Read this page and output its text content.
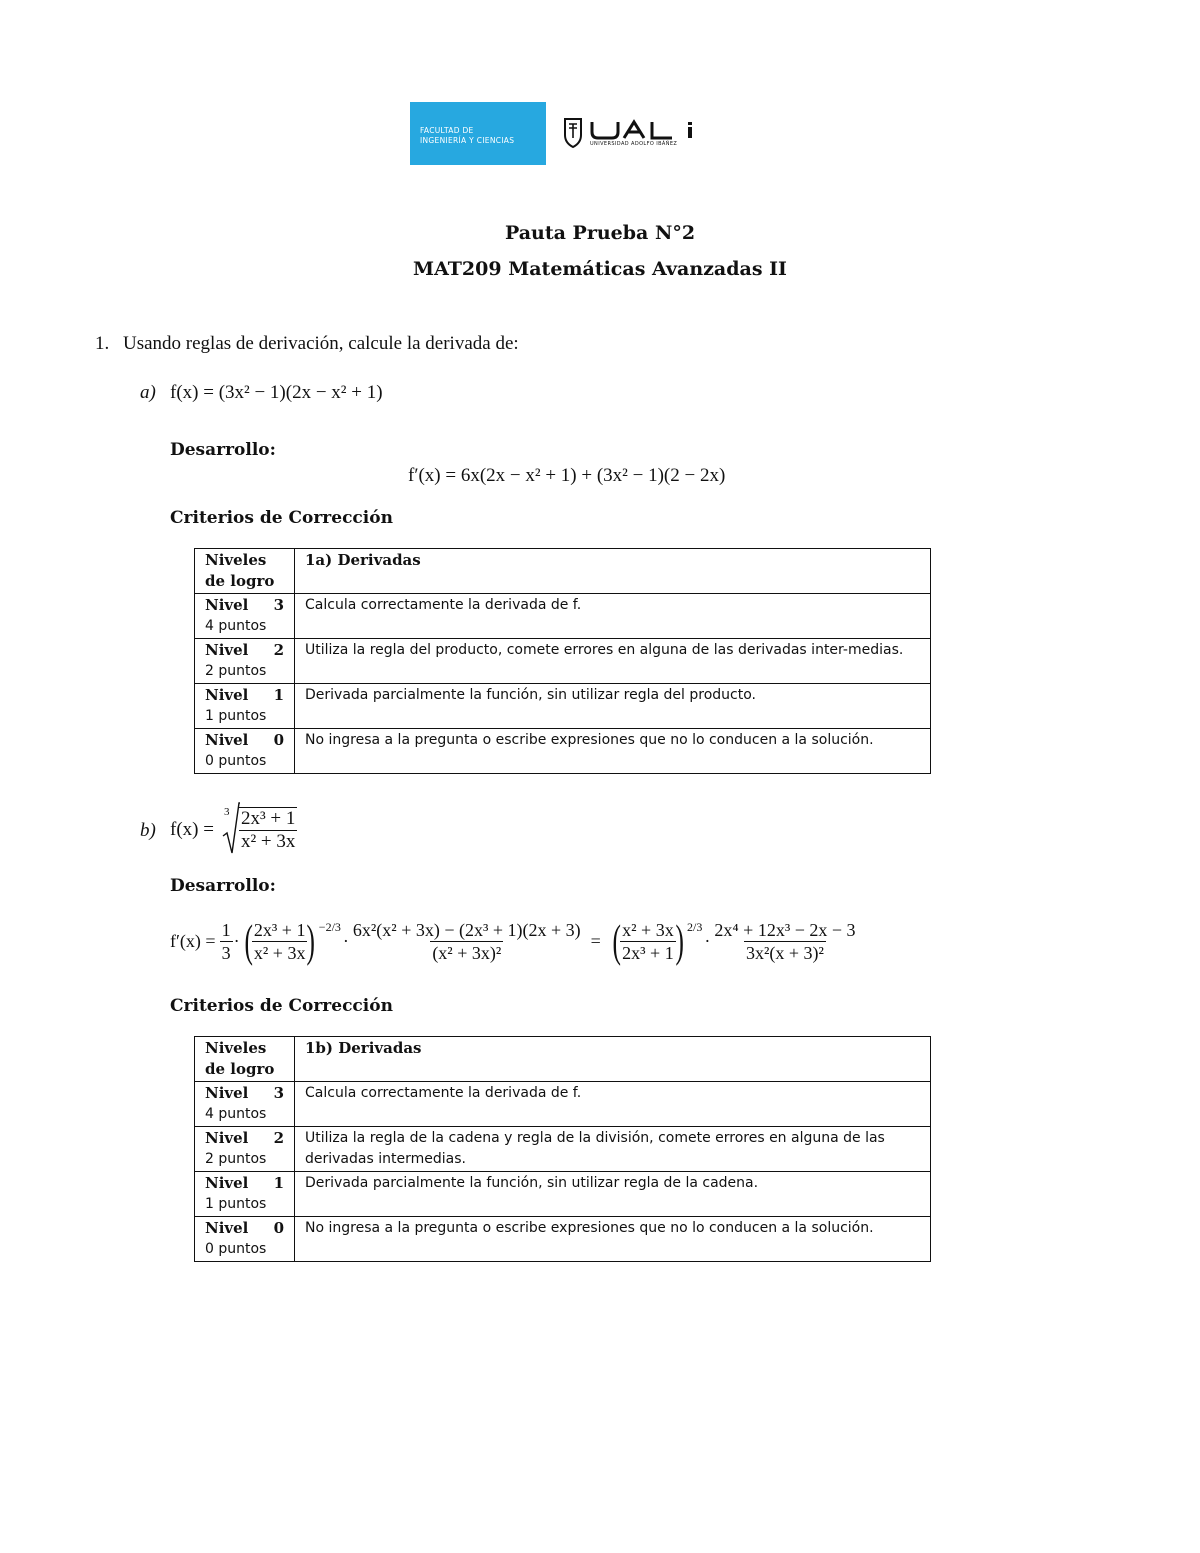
FACULTAD DE
INGENIERÍA Y CIENCIAS	UNIVERSIDAD ADOLFO IBÁÑEZ
Pauta Prueba N°2
MAT209 Matemáticas Avanzadas II
1. Usando reglas de derivación, calcule la derivada de:
a) f(x) = (3x² − 1)(2x − x² + 1)
Desarrollo:
f′(x) = 6x(2x − x² + 1) + (3x² − 1)(2 − 2x)
Criterios de Corrección
Niveles
de logro	1a) Derivadas

Nivel 3
4 puntos	Calcula correctamente la derivada de f.

Nivel 2
2 puntos	Utiliza la regla del producto, comete errores en alguna de las derivadas inter-medias.

Nivel 1
1 puntos	Derivada parcialmente la función, sin utilizar regla del producto.

Nivel 0
0 puntos	No ingresa a la pregunta o escribe expresiones que no lo conducen a la solución.
b) f(x) =
$3 \frac{\text{2x³ + 1}}{\text{x² + 3x}}$
Desarrollo:
$f'(x) = \frac{1}{3}$ · ( $\frac{\text{2x³ + 1}}{\text{x² + 3x}}$ ) −2/3
· $\frac{\text{6x²(x² + 3x) − (2x³ + 1)(2x + 3)}}{\text{(x² + 3x)²}}$ = ( $\frac{\text{x² + 3x}}{\text{2x³ + 1}}$ ) 2/3
· $\frac{\text{2x⁴ + 12x³ − 2x − 3}}{\text{3x²(x + 3)²}}$
Criterios de Corrección
Niveles
de logro	1b) Derivadas

Nivel 3
4 puntos	Calcula correctamente la derivada de f.

Nivel 2
2 puntos	Utiliza la regla de la cadena y regla de la división, comete errores en alguna de las derivadas intermedias.

Nivel 1
1 puntos	Derivada parcialmente la función, sin utilizar regla de la cadena.

Nivel 0
0 puntos	No ingresa a la pregunta o escribe expresiones que no lo conducen a la solución.
